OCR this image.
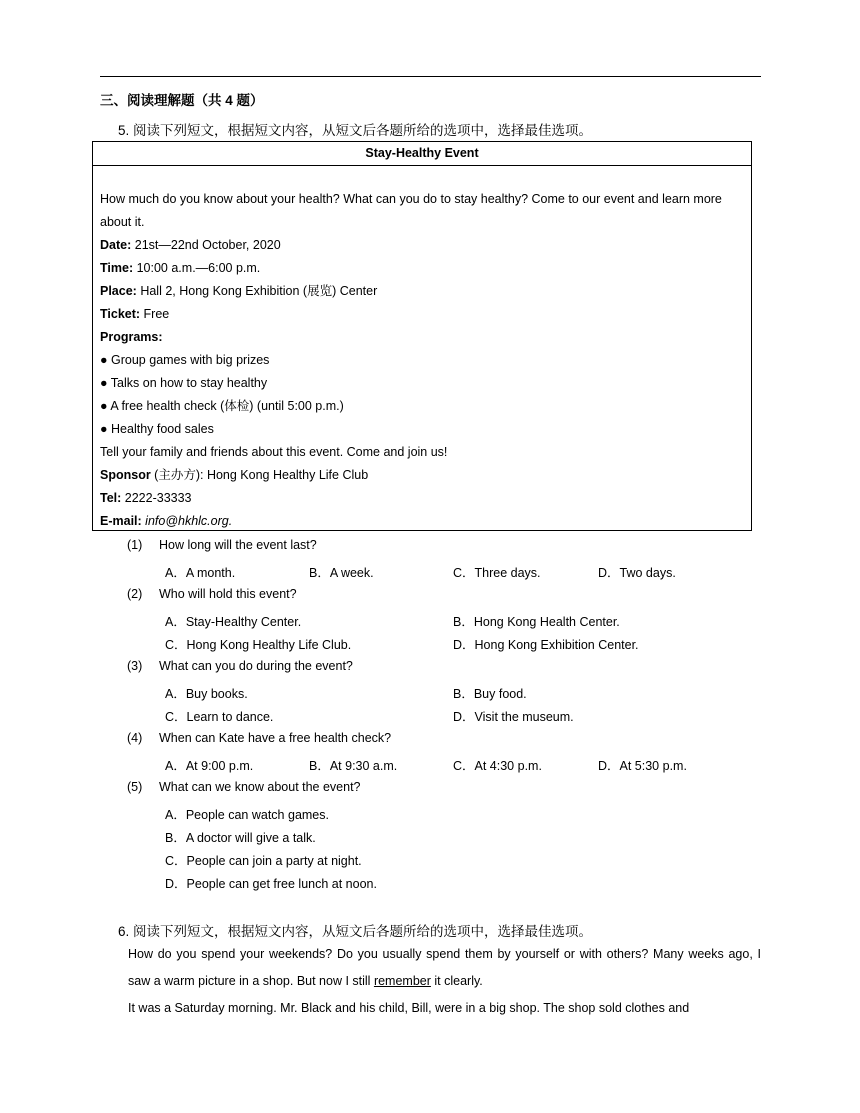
三、阅读理解题（共 4 题）
5. 阅读下列短文，根据短文内容，从短文后各题所给的选项中，选择最佳选项。
Stay-Healthy Event
How much do you know about your health? What can you do to stay healthy? Come to our event and learn more about it.
Date: 21st—22nd October, 2020
Time: 10:00 a.m.—6:00 p.m.
Place: Hall 2, Hong Kong Exhibition (展览) Center
Ticket: Free
Programs:
● Group games with big prizes
● Talks on how to stay healthy
● A free health check (体检) (until 5:00 p.m.)
● Healthy food sales
Tell your family and friends about this event. Come and join us!
Sponsor (主办方): Hong Kong Healthy Life Club
Tel: 2222-33333
E-mail: info@hkhlc.org.
(1) How long will the event last?
A．A month.	B．A week.	C．Three days.	D．Two days.
(2) Who will hold this event?
A．Stay-Healthy Center.	B．Hong Kong Health Center.
C．Hong Kong Healthy Life Club.	D．Hong Kong Exhibition Center.
(3) What can you do during the event?
A．Buy books.	B．Buy food.
C．Learn to dance.	D．Visit the museum.
(4) When can Kate have a free health check?
A．At 9:00 p.m.	B．At 9:30 a.m.	C．At 4:30 p.m.	D．At 5:30 p.m.
(5) What can we know about the event?
A．People can watch games.
B．A doctor will give a talk.
C．People can join a party at night.
D．People can get free lunch at noon.
6. 阅读下列短文，根据短文内容，从短文后各题所给的选项中，选择最佳选项。

How do you spend your weekends? Do you usually spend them by yourself or with others? Many weeks ago, I saw a warm picture in a shop. But now I still remember it clearly.

It was a Saturday morning. Mr. Black and his child, Bill, were in a big shop. The shop sold clothes and
